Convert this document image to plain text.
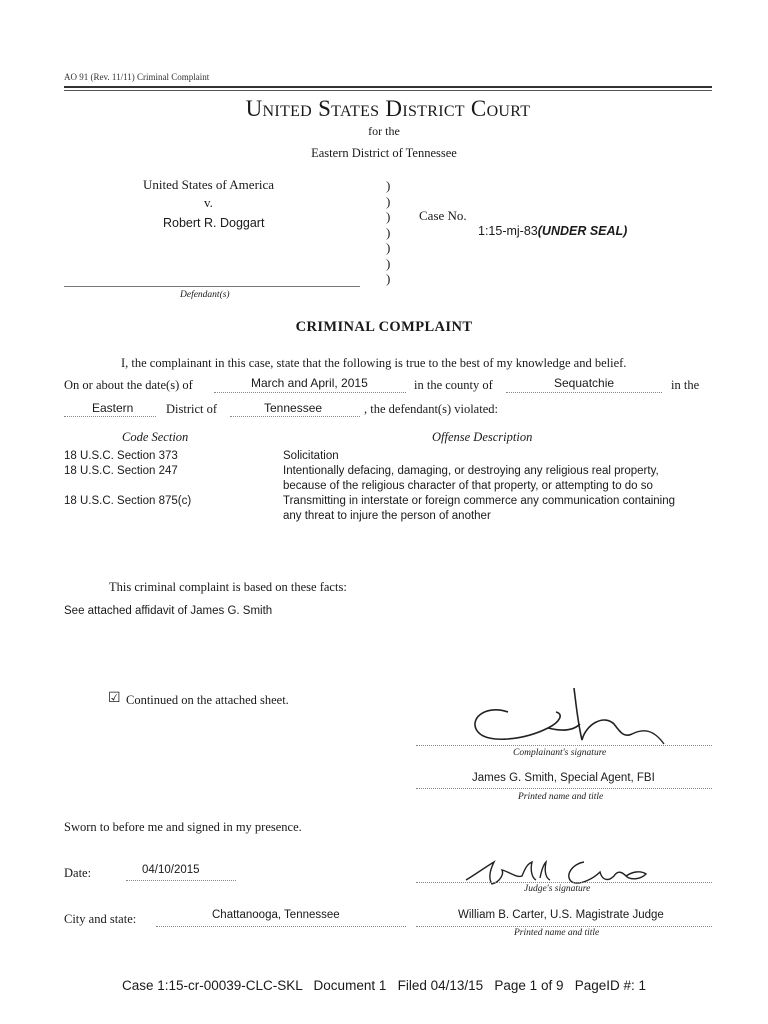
AO 91 (Rev. 11/11) Criminal Complaint
United States District Court
for the
Eastern District of Tennessee
United States of America
v.
Robert R. Doggart
)
)
)
)
)
)
)
Case No.
1:15-mj-83(UNDER SEAL)
Defendant(s)
CRIMINAL COMPLAINT
I, the complainant in this case, state that the following is true to the best of my knowledge and belief.
On or about the date(s) of	March and April, 2015	in the county of	Sequatchie	in the
Eastern	District of	Tennessee	, the defendant(s) violated:
Code Section	Offense Description
18 U.S.C. Section 373	Solicitation
18 U.S.C. Section 247	Intentionally defacing, damaging, or destroying any religious real property,
because of the religious character of that property, or attempting to do so
18 U.S.C. Section 875(c)	Transmitting in interstate or foreign commerce any communication containing
any threat to injure the person of another
This criminal complaint is based on these facts:
See attached affidavit of James G. Smith
☑ Continued on the attached sheet.
Complainant's signature
James G. Smith, Special Agent, FBI
Printed name and title
Sworn to before me and signed in my presence.
Date:	04/10/2015
Judge's signature
City and state:	Chattanooga, Tennessee	William B. Carter, U.S. Magistrate Judge
Printed name and title
Case 1:15-cr-00039-CLC-SKL   Document 1   Filed 04/13/15   Page 1 of 9   PageID #: 1
